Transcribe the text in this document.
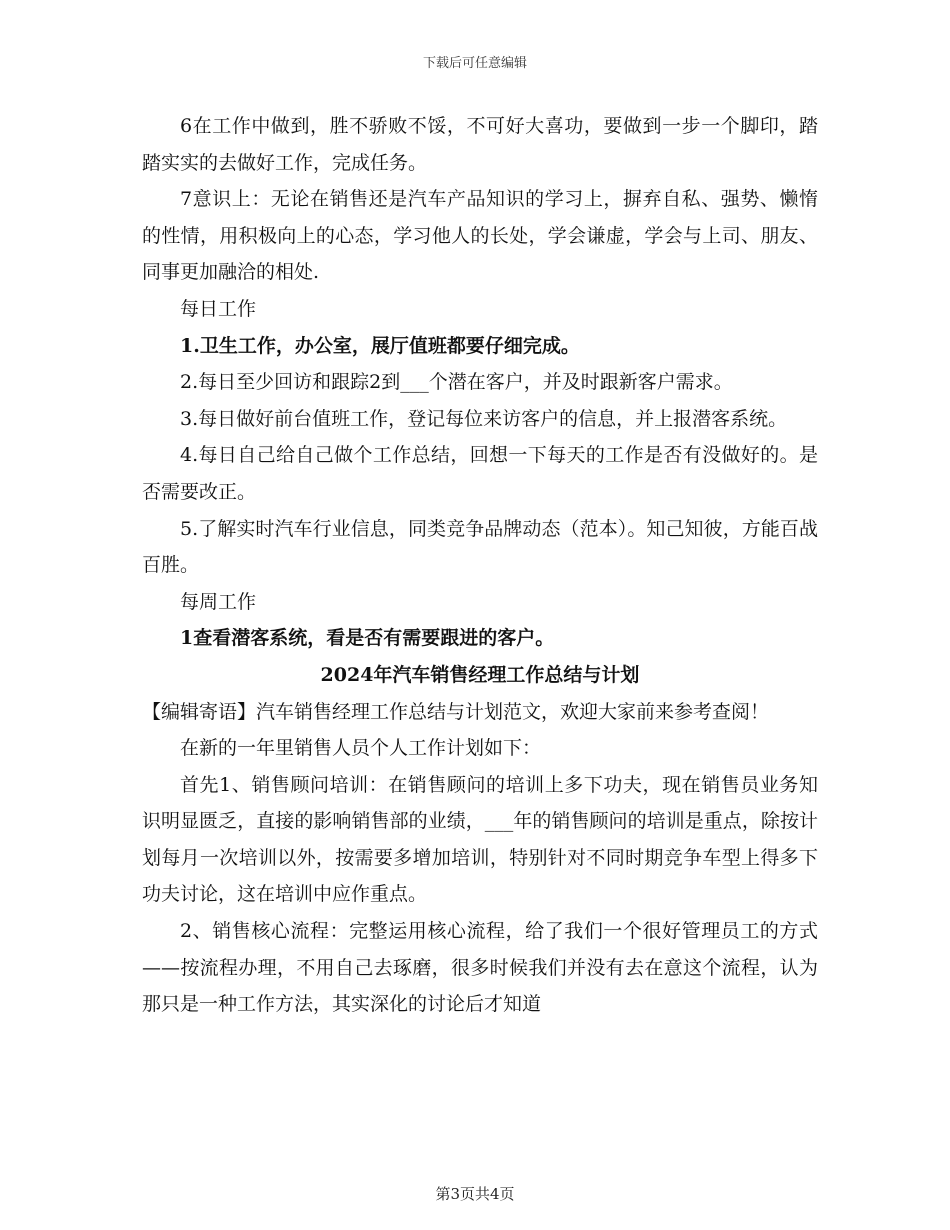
下载后可任意编辑

6在工作中做到，胜不骄败不馁，不可好大喜功，要做到一步一个脚印，踏踏实实的去做好工作，完成任务。

7意识上：无论在销售还是汽车产品知识的学习上，摒弃自私、强势、懒惰的性情，用积极向上的心态，学习他人的长处，学会谦虚，学会与上司、朋友、同事更加融洽的相处.

每日工作

1.卫生工作，办公室，展厅值班都要仔细完成。

2.每日至少回访和跟踪2到___个潜在客户，并及时跟新客户需求。

3.每日做好前台值班工作，登记每位来访客户的信息，并上报潜客系统。

4.每日自己给自己做个工作总结，回想一下每天的工作是否有没做好的。是否需要改正。

5.了解实时汽车行业信息，同类竞争品牌动态（范本）。知己知彼，方能百战百胜。

每周工作

1查看潜客系统，看是否有需要跟进的客户。

2024年汽车销售经理工作总结与计划

【编辑寄语】汽车销售经理工作总结与计划范文，欢迎大家前来参考查阅！

在新的一年里销售人员个人工作计划如下：

首先1、销售顾问培训：在销售顾问的培训上多下功夫，现在销售员业务知识明显匮乏，直接的影响销售部的业绩，___年的销售顾问的培训是重点，除按计划每月一次培训以外，按需要多增加培训，特别针对不同时期竞争车型上得多下功夫讨论，这在培训中应作重点。

2、销售核心流程：完整运用核心流程，给了我们一个很好管理员工的方式——按流程办理，不用自己去琢磨，很多时候我们并没有去在意这个流程，认为那只是一种工作方法，其实深化的讨论后才知道

第3页共4页
